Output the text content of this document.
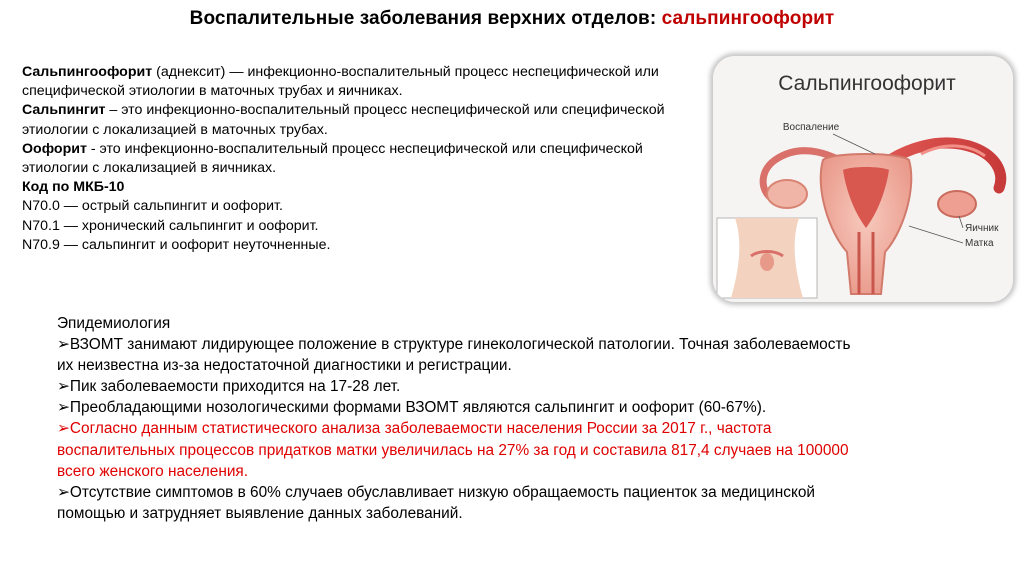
Воспалительные заболевания верхних отделов: сальпингоофорит

Сальпингоофорит (аднексит) — инфекционно-воспалительный процесс неспецифической или специфической этиологии в маточных трубах и яичниках.

Сальпингит – это инфекционно-воспалительный процесс неспецифической или специфической этиологии с локализацией в маточных трубах.

Оофорит - это инфекционно-воспалительный процесс неспецифической или специфической этиологии с локализацией в яичниках.

Код по МКБ-10

N70.0 — острый сальпингит и оофорит.

N70.1 — хронический сальпингит и оофорит.

N70.9 — сальпингит и оофорит неуточненные.

Сальпингоофорит
Воспаление
Яичник
Матка

Эпидемиология

➢ВЗОМТ занимают лидирующее положение в структуре гинекологической патологии. Точная заболеваемость их неизвестна из-за недостаточной диагностики и регистрации.

➢Пик заболеваемости приходится на 17-28 лет.

➢Преобладающими нозологическими формами ВЗОМТ являются сальпингит и оофорит (60-67%).

➢Согласно данным статистического анализа заболеваемости населения России за 2017 г., частота воспалительных процессов придатков матки увеличилась на 27% за год и составила 817,4 случаев на 100000 всего женского населения.

➢Отсутствие симптомов в 60% случаев обуславливает низкую обращаемость пациенток за медицинской помощью и затрудняет выявление данных заболеваний.
